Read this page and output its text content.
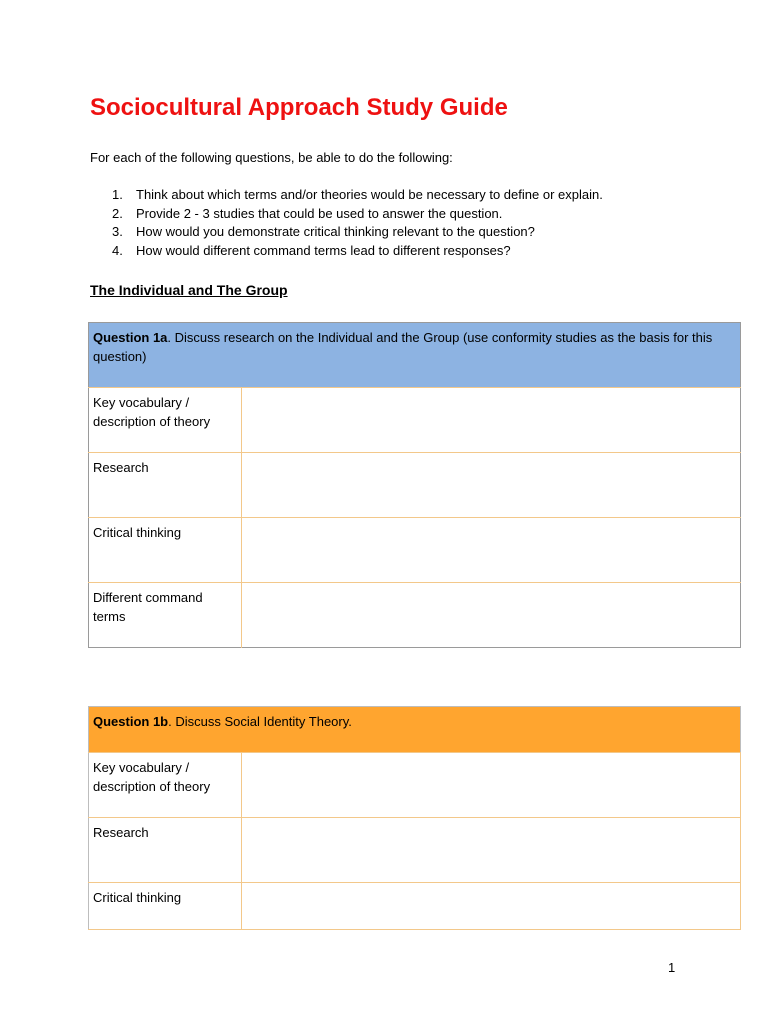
Sociocultural Approach Study Guide

For each of the following questions, be able to do the following:

1.	Think about which terms and/or theories would be necessary to define or explain.
2.	Provide 2 - 3 studies that could be used to answer the question.
3.	How would you demonstrate critical thinking relevant to the question?
4.	How would different command terms lead to different responses?
The Individual and The Group
Question 1a. Discuss research on the Individual and the Group (use conformity studies as the basis for this question)	
Key vocabulary / description of theory	
Research	
Critical thinking	
Different command terms	
Question 1b. Discuss Social Identity Theory.	
Key vocabulary / description of theory	
Research	
Critical thinking	

1
